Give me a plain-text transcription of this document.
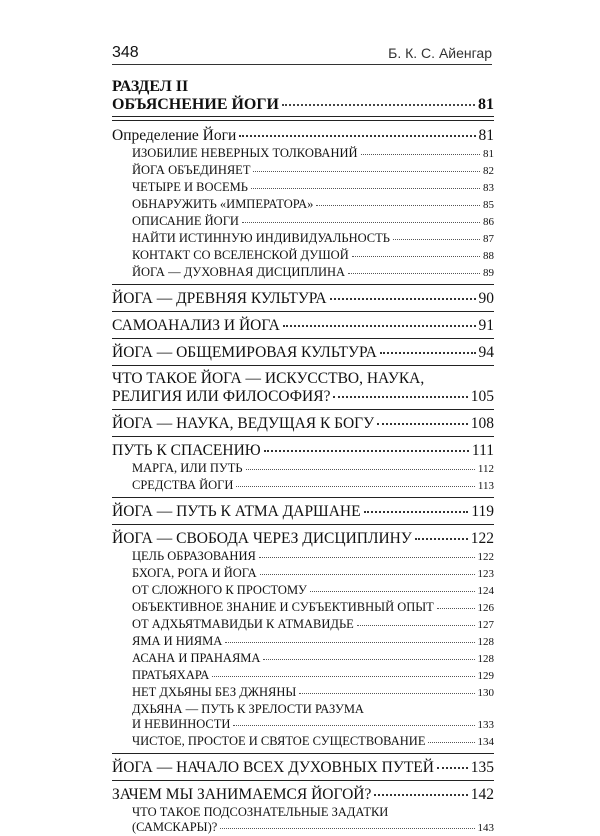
348	Б. К. С. Айенгар
РАЗДЕЛ II
ОБЪЯСНЕНИЕ ЙОГИ	81
Определение Йоги	81
ИЗОБИЛИЕ НЕВЕРНЫХ ТОЛКОВАНИЙ	81
ЙОГА ОБЪЕДИНЯЕТ	82
ЧЕТЫРЕ И ВОСЕМЬ	83
ОБНАРУЖИТЬ «ИМПЕРАТОРА»	85
ОПИСАНИЕ ЙОГИ	86
НАЙТИ ИСТИННУЮ ИНДИВИДУАЛЬНОСТЬ	87
КОНТАКТ СО ВСЕЛЕНСКОЙ ДУШОЙ	88
ЙОГА — ДУХОВНАЯ ДИСЦИПЛИНА	89
ЙОГА — ДРЕВНЯЯ КУЛЬТУРА	90
САМОАНАЛИЗ И ЙОГА	91
ЙОГА — ОБЩЕМИРОВАЯ КУЛЬТУРА	94
ЧТО ТАКОЕ ЙОГА — ИСКУССТВО, НАУКА,
РЕЛИГИЯ ИЛИ ФИЛОСОФИЯ?	105
ЙОГА — НАУКА, ВЕДУЩАЯ К БОГУ	108
ПУТЬ К СПАСЕНИЮ	111
МАРГА, ИЛИ ПУТЬ	112
СРЕДСТВА ЙОГИ	113
ЙОГА — ПУТЬ К АТМА ДАРШАНЕ	119
ЙОГА — СВОБОДА ЧЕРЕЗ ДИСЦИПЛИНУ	122
ЦЕЛЬ ОБРАЗОВАНИЯ	122
БХОГА, РОГА И ЙОГА	123
ОТ СЛОЖНОГО К ПРОСТОМУ	124
ОБЪЕКТИВНОЕ ЗНАНИЕ И СУБЪЕКТИВНЫЙ ОПЫТ	126
ОТ АДХЬЯТМАВИДЬИ К АТМАВИДЬЕ	127
ЯМА И НИЯМА	128
АСАНА И ПРАНАЯМА	128
ПРАТЬЯХАРА	129
НЕТ ДХЬЯНЫ БЕЗ ДЖНЯНЫ	130
ДХЬЯНА — ПУТЬ К ЗРЕЛОСТИ РАЗУМА
И НЕВИННОСТИ	133
ЧИСТОЕ, ПРОСТОЕ И СВЯТОЕ СУЩЕСТВОВАНИЕ	134
ЙОГА — НАЧАЛО ВСЕХ ДУХОВНЫХ ПУТЕЙ 135
ЗАЧЕМ МЫ ЗАНИМАЕМСЯ ЙОГОЙ?	142
ЧТО ТАКОЕ ПОДСОЗНАТЕЛЬНЫЕ ЗАДАТКИ
(САМСКАРЫ)?	143
